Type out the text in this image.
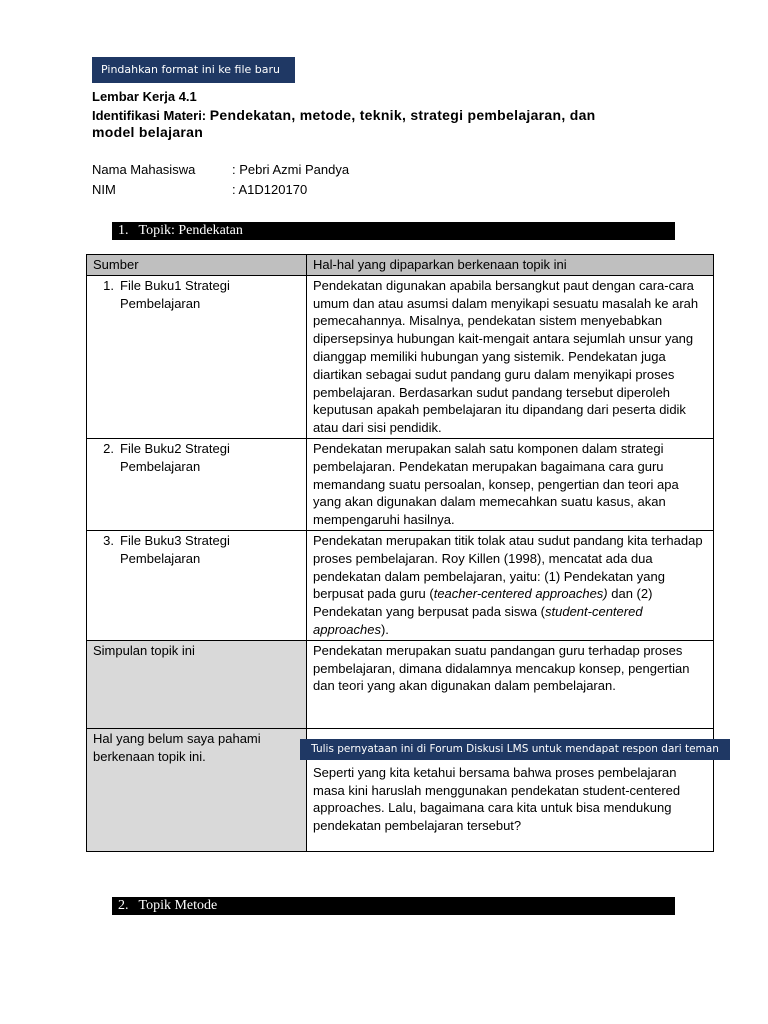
Pindahkan format ini ke file baru
Lembar Kerja 4.1
Identifikasi Materi: Pendekatan, metode, teknik, strategi pembelajaran, dan
model belajaran
Nama Mahasiswa	: Pebri Azmi Pandya
NIM	: A1D120170
1. Topik: Pendekatan
Sumber	Hal-hal yang dipaparkan berkenaan topik ini

1. File Buku1 Strategi Pembelajaran	Pendekatan digunakan apabila bersangkut paut dengan cara-cara umum dan atau asumsi dalam menyikapi sesuatu masalah ke arah pemecahannya. Misalnya, pendekatan sistem menyebabkan dipersepsinya hubungan kait-mengait antara sejumlah unsur yang dianggap memiliki hubungan yang sistemik. Pendekatan juga diartikan sebagai sudut pandang guru dalam menyikapi proses pembelajaran. Berdasarkan sudut pandang tersebut diperoleh keputusan apakah pembelajaran itu dipandang dari peserta didik atau dari sisi pendidik.

2. File Buku2 Strategi Pembelajaran	Pendekatan merupakan salah satu komponen dalam strategi pembelajaran. Pendekatan merupakan bagaimana cara guru memandang suatu persoalan, konsep, pengertian dan teori apa yang akan digunakan dalam memecahkan suatu kasus, akan mempengaruhi hasilnya.

3. File Buku3 Strategi Pembelajaran	Pendekatan merupakan titik tolak atau sudut pandang kita terhadap proses pembelajaran. Roy Killen (1998), mencatat ada dua pendekatan dalam pembelajaran, yaitu: (1) Pendekatan yang berpusat pada guru (teacher-centered approaches) dan (2) Pendekatan yang berpusat pada siswa (student-centered approaches).
Simpulan topik ini	Pendekatan merupakan suatu pandangan guru terhadap proses pembelajaran, dimana didalamnya mencakup konsep, pengertian dan teori yang akan digunakan dalam pembelajaran.
Hal yang belum saya pahami berkenaan topik ini.	Seperti yang kita ketahui bersama bahwa proses pembelajaran masa kini haruslah menggunakan pendekatan student-centered approaches. Lalu, bagaimana cara kita untuk bisa mendukung pendekatan pembelajaran tersebut?
Tulis pernyataan ini di Forum Diskusi LMS untuk mendapat respon dari teman
2. Topik Metode
